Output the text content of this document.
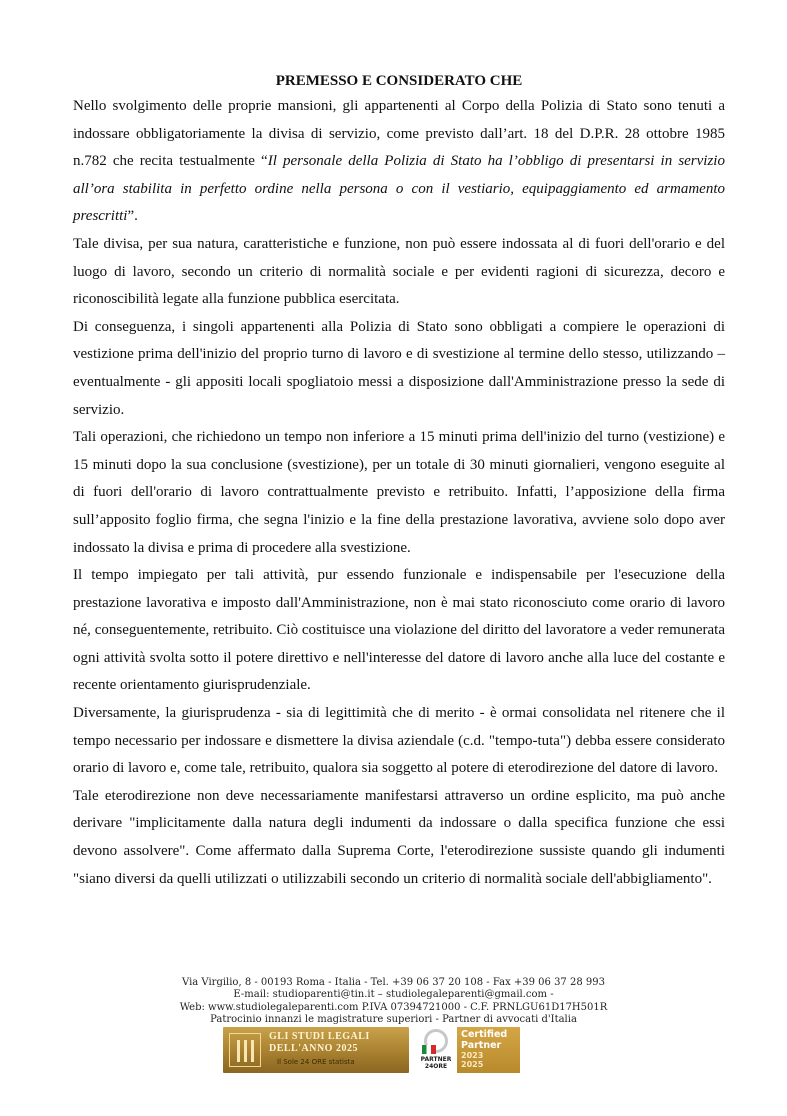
PREMESSO E CONSIDERATO CHE

Nello svolgimento delle proprie mansioni, gli appartenenti al Corpo della Polizia di Stato sono tenuti a indossare obbligatoriamente la divisa di servizio, come previsto dall’art. 18 del D.P.R. 28 ottobre 1985 n.782 che recita testualmente “Il personale della Polizia di Stato ha l’obbligo di presentarsi in servizio all’ora stabilita in perfetto ordine nella persona o con il vestiario, equipaggiamento ed armamento prescritti”.

Tale divisa, per sua natura, caratteristiche e funzione, non può essere indossata al di fuori dell'orario e del luogo di lavoro, secondo un criterio di normalità sociale e per evidenti ragioni di sicurezza, decoro e riconoscibilità legate alla funzione pubblica esercitata.

Di conseguenza, i singoli appartenenti alla Polizia di Stato sono obbligati a compiere le operazioni di vestizione prima dell'inizio del proprio turno di lavoro e di svestizione al termine dello stesso, utilizzando – eventualmente - gli appositi locali spogliatoio messi a disposizione dall'Amministrazione presso la sede di servizio.

Tali operazioni, che richiedono un tempo non inferiore a 15 minuti prima dell'inizio del turno (vestizione) e 15 minuti dopo la sua conclusione (svestizione), per un totale di 30 minuti giornalieri, vengono eseguite al di fuori dell'orario di lavoro contrattualmente previsto e retribuito. Infatti, l’apposizione della firma sull’apposito foglio firma, che segna l'inizio e la fine della prestazione lavorativa, avviene solo dopo aver indossato la divisa e prima di procedere alla svestizione.

Il tempo impiegato per tali attività, pur essendo funzionale e indispensabile per l'esecuzione della prestazione lavorativa e imposto dall'Amministrazione, non è mai stato riconosciuto come orario di lavoro né, conseguentemente, retribuito. Ciò costituisce una violazione del diritto del lavoratore a veder remunerata ogni attività svolta sotto il potere direttivo e nell'interesse del datore di lavoro anche alla luce del costante e recente orientamento giurisprudenziale.

Diversamente, la giurisprudenza - sia di legittimità che di merito - è ormai consolidata nel ritenere che il tempo necessario per indossare e dismettere la divisa aziendale (c.d. "tempo-tuta") debba essere considerato orario di lavoro e, come tale, retribuito, qualora sia soggetto al potere di eterodirezione del datore di lavoro.

Tale eterodirezione non deve necessariamente manifestarsi attraverso un ordine esplicito, ma può anche derivare "implicitamente dalla natura degli indumenti da indossare o dalla specifica funzione che essi devono assolvere". Come affermato dalla Suprema Corte, l'eterodirezione sussiste quando gli indumenti "siano diversi da quelli utilizzati o utilizzabili secondo un criterio di normalità sociale dell'abbigliamento".

Via Virgilio, 8 - 00193 Roma - Italia - Tel. +39 06 37 20 108 - Fax +39 06 37 28 993
E-mail: studioparenti@tin.it – studiolegaleparenti@gmail.com -
Web: www.studiolegaleparenti.com P.IVA 07394721000 - C.F. PRNLGU61D17H501R
Patrocinio innanzi le magistrature superiori - Partner di avvocati d'Italia
GLI STUDI LEGALI
DELL'ANNO 2025
Il Sole 24 ORE statista	PARTNER
24ORE
Certified
Partner
2023
2025
